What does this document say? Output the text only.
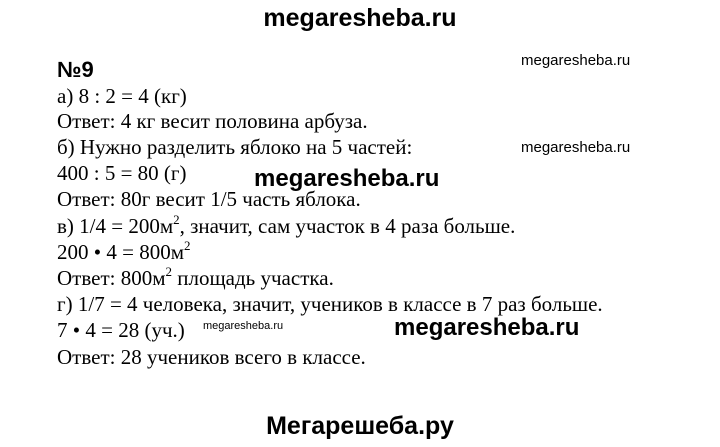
megaresheba.ru
№9	megaresheba.ru
а) 8 : 2 = 4 (кг)
Ответ: 4 кг весит половина арбуза.
б) Нужно разделить яблоко на 5 частей:	megaresheba.ru
400 : 5 = 80 (г)	megaresheba.ru
Ответ: 80г весит 1/5 часть яблока.
в) $1/4 = 200м^2$, значит, сам участок в 4 раза больше.
200 • $4 = 800м^2$
Ответ: $800м^2$ площадь участка.
г) 1/7 = 4 человека, значит, учеников в классе в 7 раз больше.
7 • 4 = 28 (уч.) megaresheba.ru	megaresheba.ru
Ответ: 28 учеников всего в классе.
Мегарешеба.ру
